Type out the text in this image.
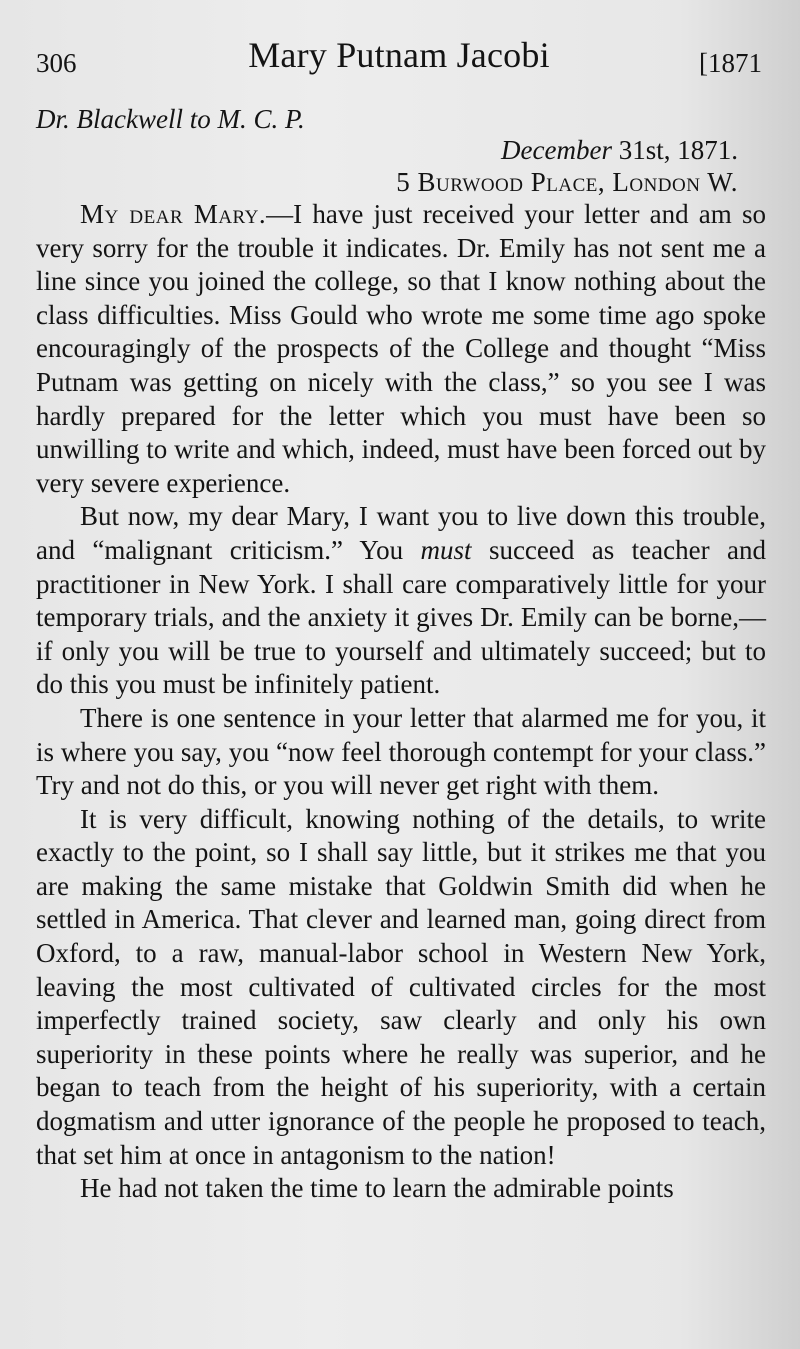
306	Mary Putnam Jacobi	[1871
Dr. Blackwell to M. C. P.
December 31st, 1871.
5 Burwood Place, London W.

My dear Mary.—I have just received your letter and am so very sorry for the trouble it indicates. Dr. Emily has not sent me a line since you joined the college, so that I know nothing about the class difficulties. Miss Gould who wrote me some time ago spoke encouragingly of the prospects of the College and thought “Miss Putnam was getting on nicely with the class,” so you see I was hardly prepared for the letter which you must have been so unwilling to write and which, indeed, must have been forced out by very severe experience.

But now, my dear Mary, I want you to live down this trouble, and “malignant criticism.” You must succeed as teacher and practitioner in New York. I shall care comparatively little for your temporary trials, and the anxiety it gives Dr. Emily can be borne,—if only you will be true to yourself and ultimately succeed; but to do this you must be infinitely patient.

There is one sentence in your letter that alarmed me for you, it is where you say, you “now feel thorough contempt for your class.” Try and not do this, or you will never get right with them.

It is very difficult, knowing nothing of the details, to write exactly to the point, so I shall say little, but it strikes me that you are making the same mistake that Goldwin Smith did when he settled in America. That clever and learned man, going direct from Oxford, to a raw, manual-labor school in Western New York, leaving the most cultivated of cultivated circles for the most imperfectly trained society, saw clearly and only his own superiority in these points where he really was superior, and he began to teach from the height of his superiority, with a certain dogmatism and utter ignorance of the people he proposed to teach, that set him at once in antagonism to the nation!

He had not taken the time to learn the admirable points
